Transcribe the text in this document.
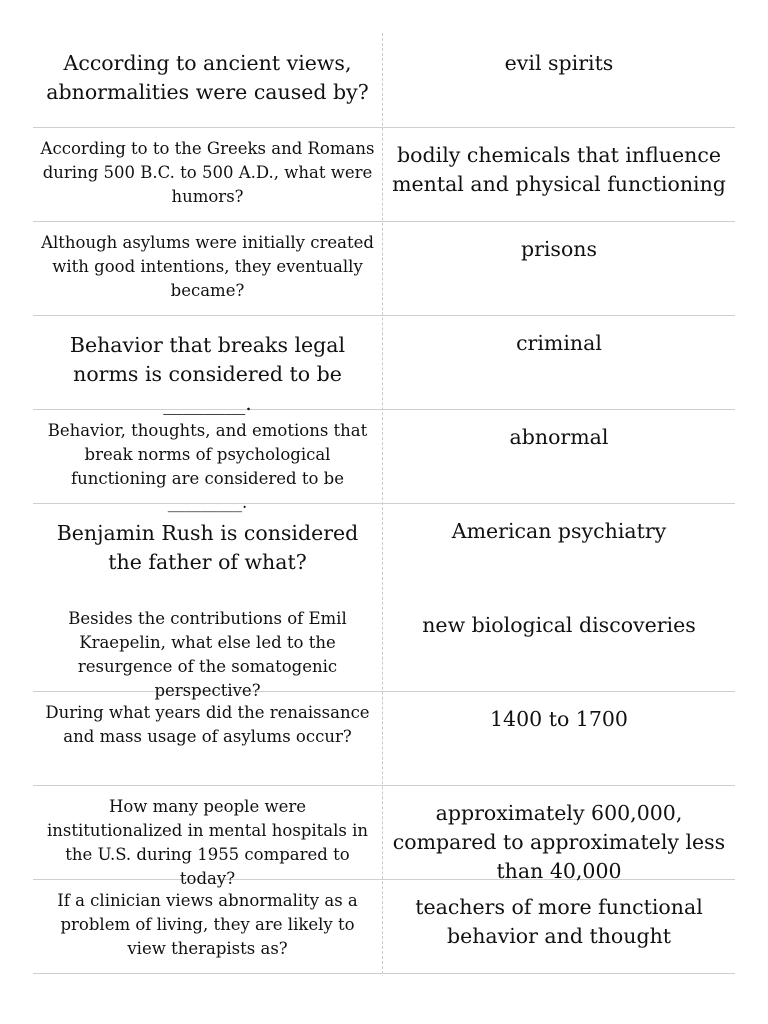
According to ancient views, abnormalities were caused by?
evil spirits
According to to the Greeks and Romans during 500 B.C. to 500 A.D., what were humors?
bodily chemicals that influence mental and physical functioning
Although asylums were initially created with good intentions, they eventually became?
prisons
Behavior that breaks legal norms is considered to be ________.
criminal
Behavior, thoughts, and emotions that break norms of psychological functioning are considered to be _________.
abnormal
Benjamin Rush is considered the father of what?
American psychiatry
Besides the contributions of Emil Kraepelin, what else led to the resurgence of the somatogenic perspective?
new biological discoveries
During what years did the renaissance and mass usage of asylums occur?
1400 to 1700
How many people were institutionalized in mental hospitals in the U.S. during 1955 compared to today?
approximately 600,000, compared to approximately less than 40,000
If a clinician views abnormality as a problem of living, they are likely to view therapists as?
teachers of more functional behavior and thought
